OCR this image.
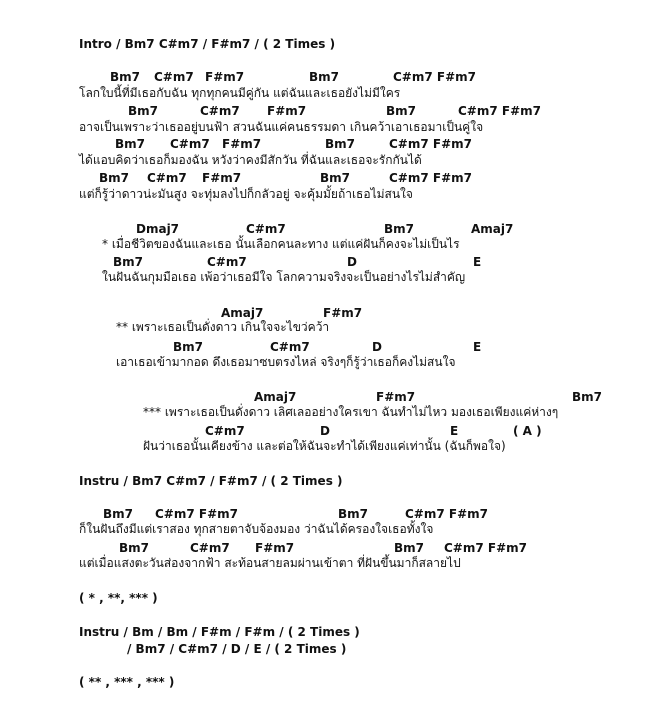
Intro / Bm7 C#m7 / F#m7 / ( 2 Times )
Bm7 C#m7 F#m7	Bm7	C#m7 F#m7
โลกใบนี้ที่มีเธอกับฉัน ทุกทุกคนมีคู่กัน แต่ฉันและเธอยังไม่มีใคร
Bm7	C#m7 F#m7	Bm7	C#m7 F#m7
อาจเป็นเพราะว่าเธออยู่บนฟ้า สวนฉันแค่คนธรรมดา เกินคว้าเอาเธอมาเป็นคู่ใจ
Bm7 C#m7 F#m7	Bm7	C#m7 F#m7
ได้แอบคิดว่าเธอก็มองฉัน หวังว่าคงมีสักวัน ที่ฉันและเธอจะรักกันได้
Bm7 C#m7 F#m7	Bm7	C#m7 F#m7
แต่ก็รู้ว่าดาวน่ะมันสูง จะทุ่มลงไปก็กลัวอยู่ จะคุ้มมั้ยถ้าเธอไม่สนใจ
Dmaj7	C#m7	Bm7	Amaj7
* เมื่อชีวิตของฉันและเธอ นั้นเลือกคนละทาง แต่แค่ฝันก็คงจะไม่เป็นไร
Bm7	C#m7	D	E
ในฝันฉันกุมมือเธอ เพ้อว่าเธอมีใจ โลกความจริงจะเป็นอย่างไรไม่สำคัญ
Amaj7	F#m7
** เพราะเธอเป็นดั่งดาว เกินใจจะไขว่คว้า
Bm7	C#m7	D	E
เอาเธอเข้ามากอด ดึงเธอมาซบตรงไหล่ จริงๆก็รู้ว่าเธอก็คงไม่สนใจ
Amaj7	F#m7	Bm7
*** เพราะเธอเป็นดั่งดาว เลิศเลออย่างใครเขา ฉันทำไม่ไหว มองเธอเพียงแค่ห่างๆ
C#m7	D	E	( A )
ฝันว่าเธอนั้นเคียงข้าง และต่อให้ฉันจะทำได้เพียงแค่เท่านั้น (ฉันก็พอใจ)
Instru / Bm7 C#m7 / F#m7 / ( 2 Times )
Bm7 C#m7 F#m7	Bm7	C#m7 F#m7
ก็ในฝันถึงมีแต่เราสอง ทุกสายตาจับจ้องมอง ว่าฉันได้ครองใจเธอทั้งใจ
Bm7	C#m7 F#m7	Bm7 C#m7 F#m7
แต่เมื่อแสงตะวันส่องจากฟ้า สะท้อนสายลมผ่านเข้าตา ที่ฝันขึ้นมาก็สลายไป
( * , **, *** )
Instru / Bm / Bm / F#m / F#m / ( 2 Times )
/ Bm7 / C#m7 / D / E / ( 2 Times )
( ** , *** , *** )
